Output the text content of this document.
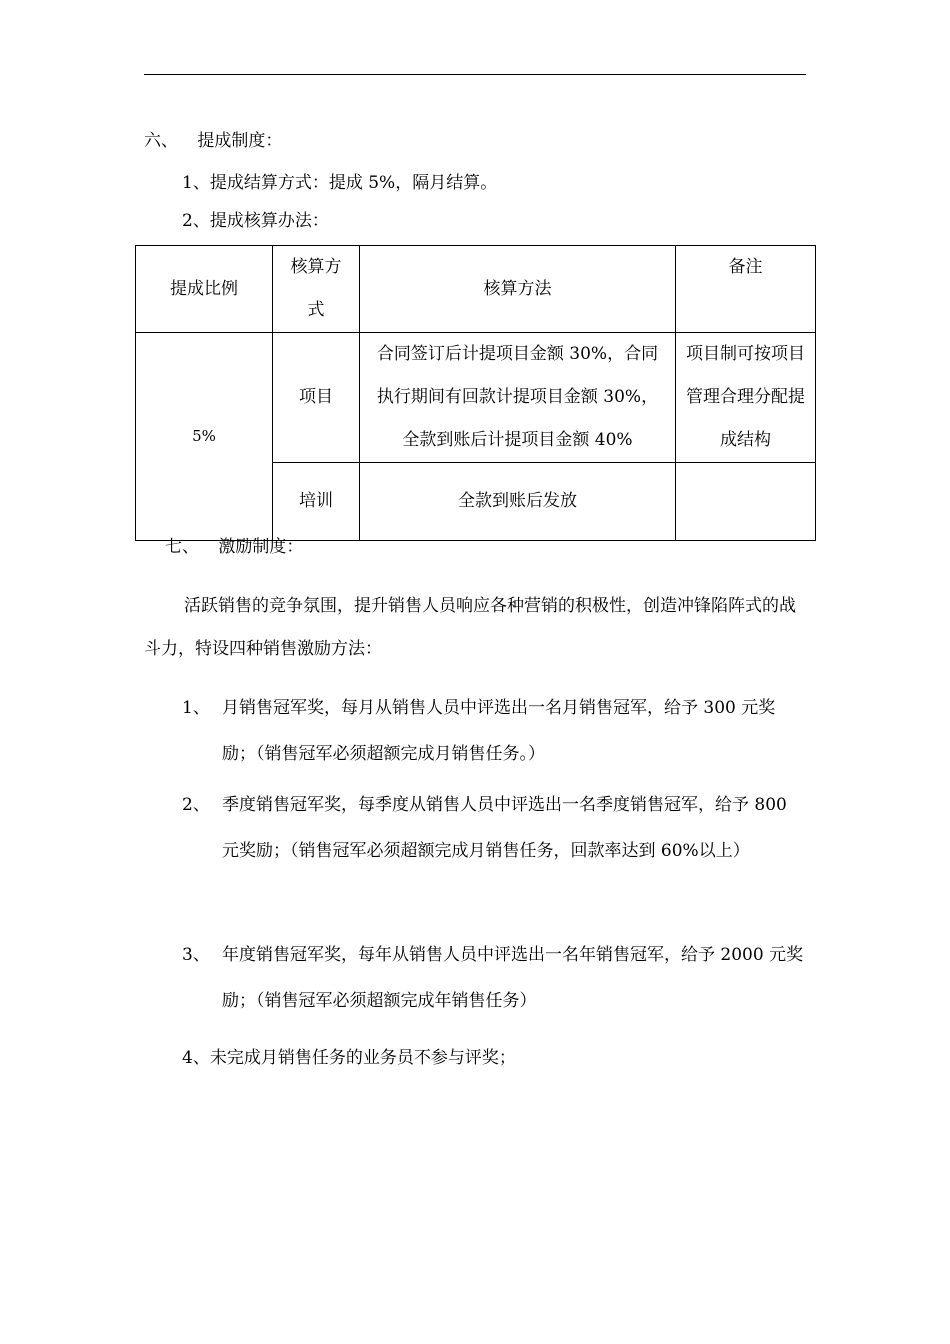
六、 提成制度：
1、提成结算方式：提成 5%，隔月结算。
2、提成核算办法：
提成比例	核算方式	核算方法	备注
5%	项目	合同签订后计提项目金额 30%，合同执行期间有回款计提项目金额 30%，全款到账后计提项目金额 40%	项目制可按项目管理合理分配提成结构
	培训	全款到账后发放	
七、 激励制度：
活跃销售的竞争氛围，提升销售人员响应各种营销的积极性，创造冲锋陷阵式的战斗力，特设四种销售激励方法：
1、 月销售冠军奖，每月从销售人员中评选出一名月销售冠军，给予 300 元奖励；（销售冠军必须超额完成月销售任务。）
2、 季度销售冠军奖，每季度从销售人员中评选出一名季度销售冠军，给予 800 元奖励；（销售冠军必须超额完成月销售任务，回款率达到 60%以上）
3、 年度销售冠军奖，每年从销售人员中评选出一名年销售冠军，给予 2000 元奖励；（销售冠军必须超额完成年销售任务）
4、未完成月销售任务的业务员不参与评奖；
